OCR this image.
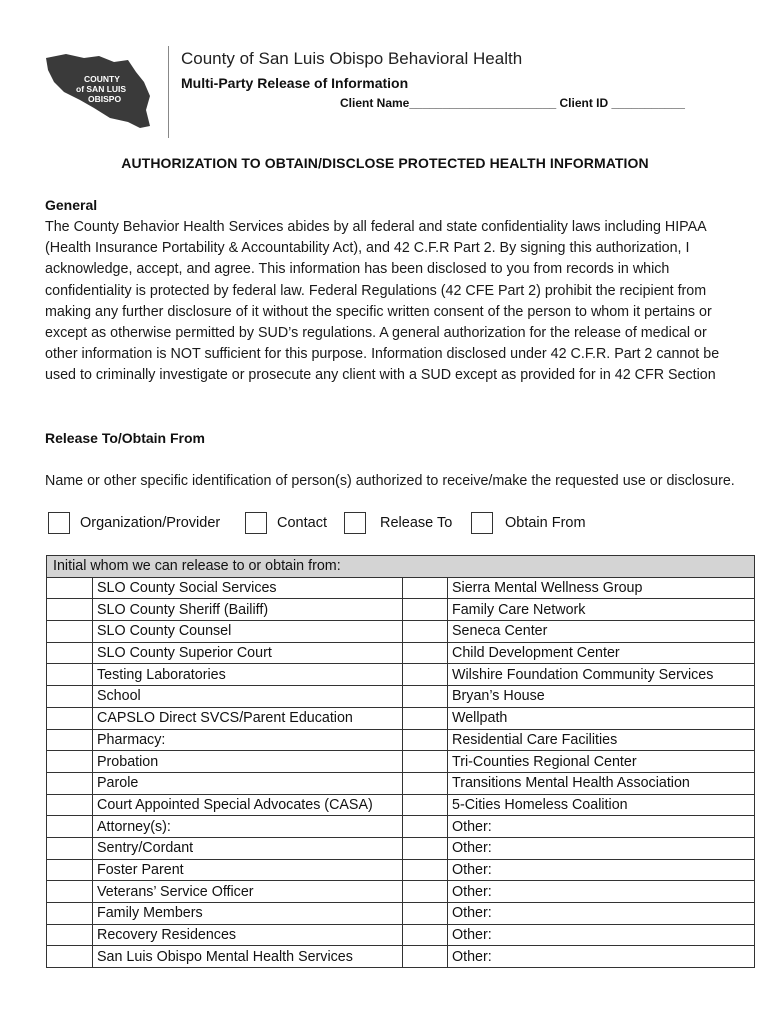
COUNTY
of SAN LUIS
OBISPO
County of San Luis Obispo Behavioral Health
Multi-Party Release of Information
Client Name______________________ Client ID ___________
AUTHORIZATION TO OBTAIN/DISCLOSE PROTECTED HEALTH INFORMATION
General
The County Behavior Health Services abides by all federal and state confidentiality laws including HIPAA (Health Insurance Portability & Accountability Act), and 42 C.F.R Part 2. By signing this authorization, I acknowledge, accept, and agree. This information has been disclosed to you from records in which confidentiality is protected by federal law. Federal Regulations (42 CFE Part 2) prohibit the recipient from making any further disclosure of it without the specific written consent of the person to whom it pertains or except as otherwise permitted by SUD’s regulations. A general authorization for the release of medical or other information is NOT sufficient for this purpose. Information disclosed under 42 C.F.R. Part 2 cannot be used to criminally investigate or prosecute any client with a SUD except as provided for in 42 CFR Section
Release To/Obtain From
Name or other specific identification of person(s) authorized to receive/make the requested use or disclosure.
Organization/Provider	Contact	Release To	Obtain From
Initial whom we can release to or obtain from:			
	SLO County Social Services		Sierra Mental Wellness Group
	SLO County Sheriff (Bailiff)		Family Care Network
	SLO County Counsel		Seneca Center
	SLO County Superior Court		Child Development Center
	Testing Laboratories		Wilshire Foundation Community Services
	School		Bryan’s House
	CAPSLO Direct SVCS/Parent Education		Wellpath
	Pharmacy:		Residential Care Facilities
	Probation		Tri-Counties Regional Center
	Parole		Transitions Mental Health Association
	Court Appointed Special Advocates (CASA)		5-Cities Homeless Coalition
	Attorney(s):		Other:
	Sentry/Cordant		Other:
	Foster Parent		Other:
	Veterans’ Service Officer		Other:
	Family Members		Other:
	Recovery Residences		Other:
	San Luis Obispo Mental Health Services		Other:
